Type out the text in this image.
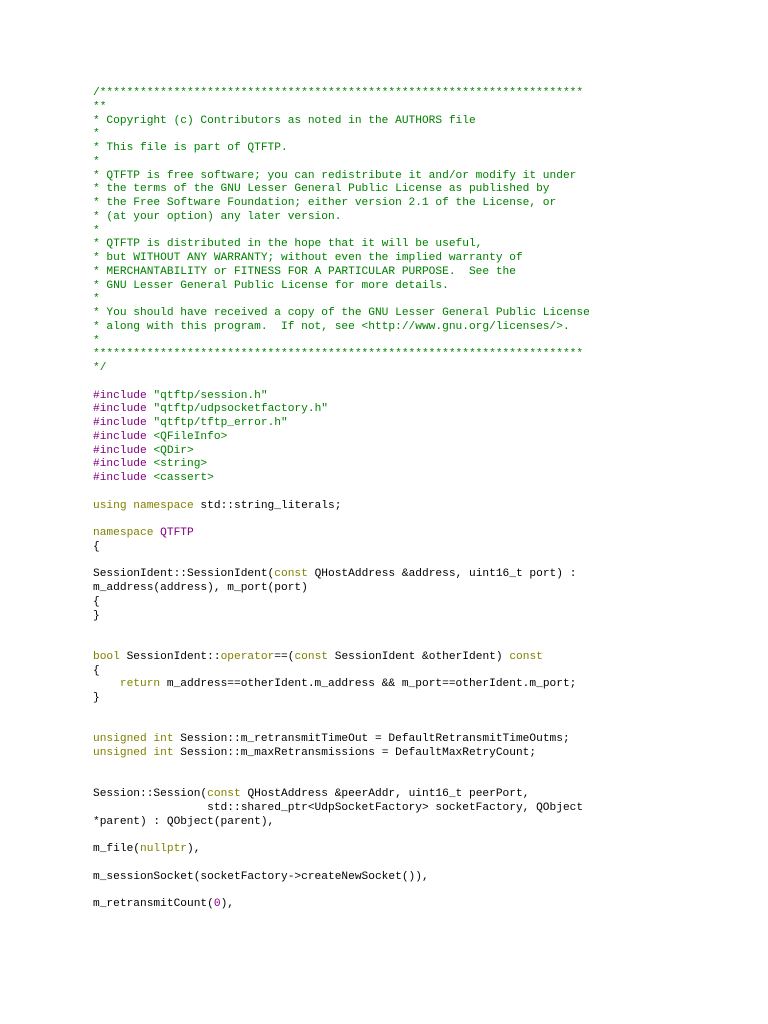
/************************************************************************
**
* Copyright (c) Contributors as noted in the AUTHORS file
*
* This file is part of QTFTP.
*
* QTFTP is free software; you can redistribute it and/or modify it under
* the terms of the GNU Lesser General Public License as published by
* the Free Software Foundation; either version 2.1 of the License, or
* (at your option) any later version.
*
* QTFTP is distributed in the hope that it will be useful,
* but WITHOUT ANY WARRANTY; without even the implied warranty of
* MERCHANTABILITY or FITNESS FOR A PARTICULAR PURPOSE.  See the
* GNU Lesser General Public License for more details.
*
* You should have received a copy of the GNU Lesser General Public License
* along with this program.  If not, see <http://www.gnu.org/licenses/>.
*
*************************************************************************
*/
#include "qtftp/session.h"
#include "qtftp/udpsocketfactory.h"
#include "qtftp/tftp_error.h"
#include <QFileInfo>
#include <QDir>
#include <string>
#include <cassert>
using namespace std::string_literals;
namespace QTFTP
{
SessionIdent::SessionIdent(const QHostAddress &address, uint16_t port) :
m_address(address), m_port(port)
{
}
bool SessionIdent::operator==(const SessionIdent &otherIdent) const
{
return m_address==otherIdent.m_address && m_port==otherIdent.m_port;
}
unsigned int Session::m_retransmitTimeOut = DefaultRetransmitTimeOutms;
unsigned int Session::m_maxRetransmissions = DefaultMaxRetryCount;
Session::Session(const QHostAddress &peerAddr, uint16_t peerPort,
std::shared_ptr<UdpSocketFactory> socketFactory, QObject
*parent) : QObject(parent),
m_file(nullptr),
m_sessionSocket(socketFactory->createNewSocket()),
m_retransmitCount(0),
